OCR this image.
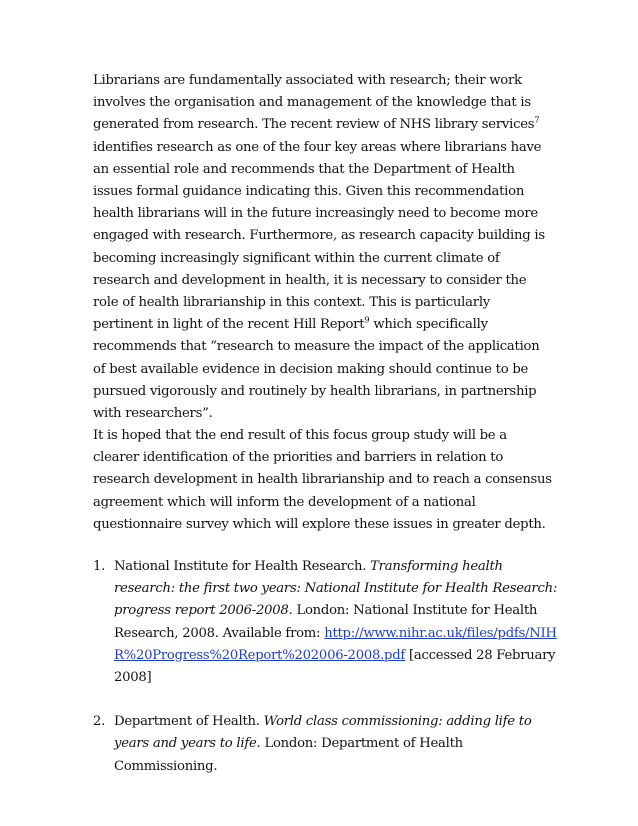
Librarians are fundamentally associated with research; their work involves the organisation and management of the knowledge that is generated from research. The recent review of NHS library services$^7$ identifies research as one of the four key areas where librarians have an essential role and recommends that the Department of Health issues formal guidance indicating this. Given this recommendation health librarians will in the future increasingly need to become more engaged with research. Furthermore, as research capacity building is becoming increasingly significant within the current climate of research and development in health, it is necessary to consider the role of health librarianship in this context. This is particularly pertinent in light of the recent Hill Report$^9$ which specifically recommends that “research to measure the impact of the application of best available evidence in decision making should continue to be pursued vigorously and routinely by health librarians, in partnership with researchers”.
It is hoped that the end result of this focus group study will be a clearer identification of the priorities and barriers in relation to research development in health librarianship and to reach a consensus agreement which will inform the development of a national questionnaire survey which will explore these issues in greater depth.
1. National Institute for Health Research. Transforming health research: the first two years: National Institute for Health Research: progress report 2006-2008. London: National Institute for Health Research, 2008. Available from: http://www.nihr.ac.uk/files/pdfs/NIHR%20Progress%20Report%202006-2008.pdf [accessed 28 February 2008]
2. Department of Health. World class commissioning: adding life to years and years to life. London: Department of Health Commissioning.
